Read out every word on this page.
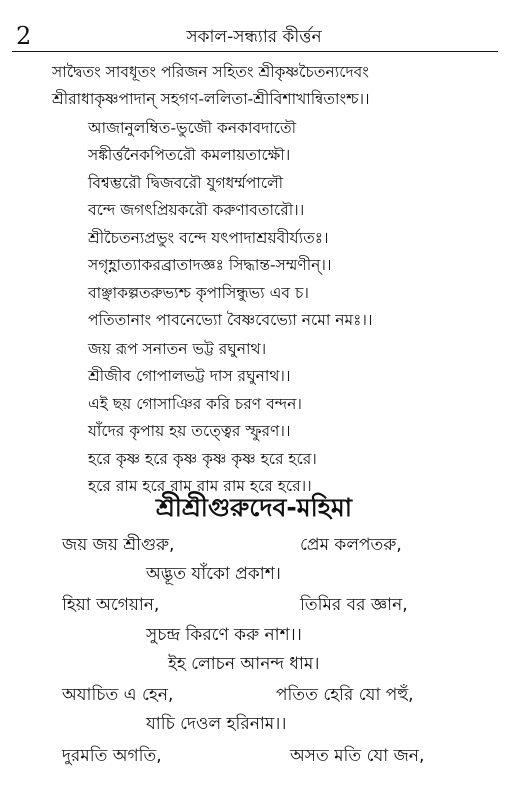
2	সকাল-সন্ধ্যার কীর্ত্তন
সাদ্বৈতং সাবধূতং পরিজন সহিতং শ্রীকৃষ্ণচৈতন্যদেবং
শ্রীরাধাকৃষ্ণপাদান্ সহগণ-ললিতা-শ্রীবিশাখান্বিতাংশ্চ।।
আজানুলম্বিত-ভুজৌ কনকাবদাতৌ
সঙ্কীর্ত্তনৈকপিতরৌ কমলায়তাক্ষৌ।
বিশ্বম্ভরৌ দ্বিজবরৌ যুগধর্ম্মপালৌ
বন্দে জগৎপ্রিয়করৌ করুণাবতারৌ।।
শ্রীচৈতন্যপ্রভুং বন্দে যৎপাদাশ্রয়বীর্য্যতঃ।
সগৃহ্ণাত্যাকরব্রাতাদজ্ঞঃ সিদ্ধান্ত-সম্মণীন্।।
বাঞ্ছাকল্পতরুভ্যশ্চ কৃপাসিন্ধুভ্য এব চ।
পতিতানাং পাবনেভ্যো বৈষ্ণবেভ্যো নমো নমঃ।।
জয় রূপ সনাতন ভট্ট রঘুনাথ।
শ্রীজীব গোপালভট্ট দাস রঘুনাথ।।
এই ছয় গোসাঞির করি চরণ বন্দন।
যাঁদের কৃপায় হয় তত্ত্বের স্ফুরণ।।
হরে কৃষ্ণ হরে কৃষ্ণ কৃষ্ণ কৃষ্ণ হরে হরে।
হরে রাম হরে রাম রাম রাম হরে হরে।।
শ্রীশ্রীগুরুদেব-মহিমা
জয় জয় শ্রীগুরু,	প্রেম কলপতরু,
অদ্ভূত যাঁকো প্রকাশ।
হিয়া অগেয়ান,	তিমির বর জ্ঞান,
সুচন্দ্র কিরণে করু নাশ।।
ইহ লোচন আনন্দ ধাম।
অযাচিত এ হেন,	পতিত হেরি যো পহুঁ,
যাচি দেওল হরিনাম।।
দুরমতি অগতি,	অসত মতি যো জন,
